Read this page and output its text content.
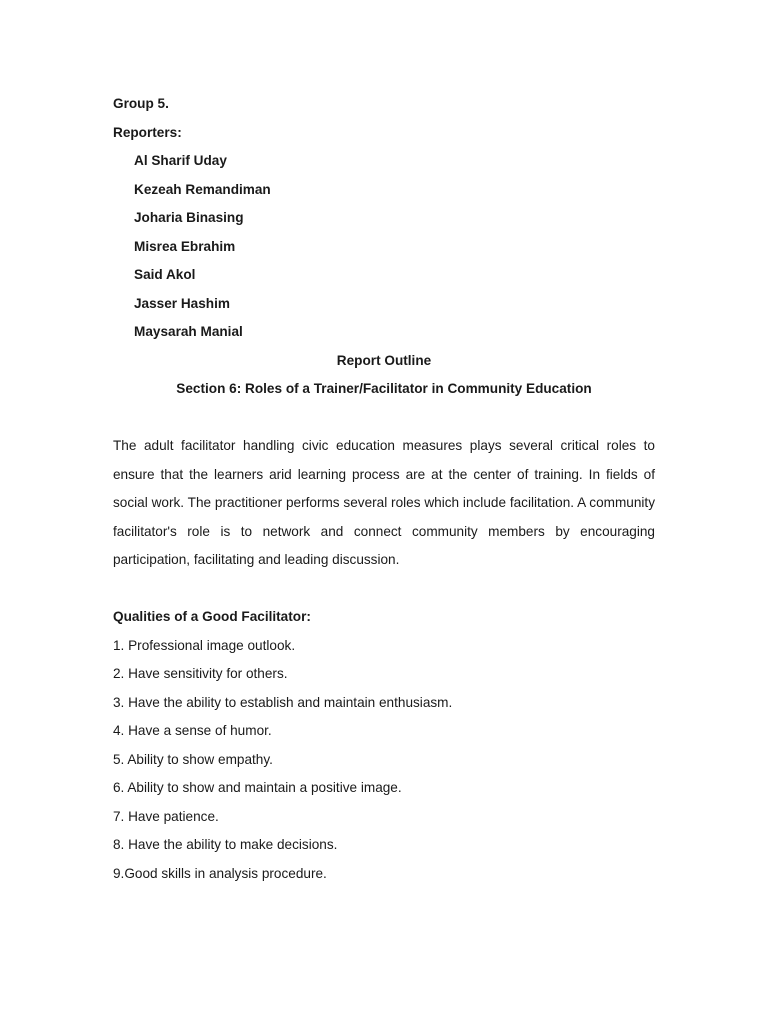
Group 5.

Reporters:

Al Sharif Uday
Kezeah Remandiman
Joharia Binasing
Misrea Ebrahim
Said Akol
Jasser Hashim
Maysarah Manial

Report Outline

Section 6: Roles of a Trainer/Facilitator in Community Education

The adult facilitator handling civic education measures plays several critical roles to ensure that the learners arid learning process are at the center of training. In fields of social work. The practitioner performs several roles which include facilitation. A community facilitator's role is to network and connect community members by encouraging participation, facilitating and leading discussion.

Qualities of a Good Facilitator:

1. Professional image outlook.
2. Have sensitivity for others.
3. Have the ability to establish and maintain enthusiasm.
4. Have a sense of humor.
5. Ability to show empathy.
6. Ability to show and maintain a positive image.
7. Have patience.
8. Have the ability to make decisions.
9.Good skills in analysis procedure.
